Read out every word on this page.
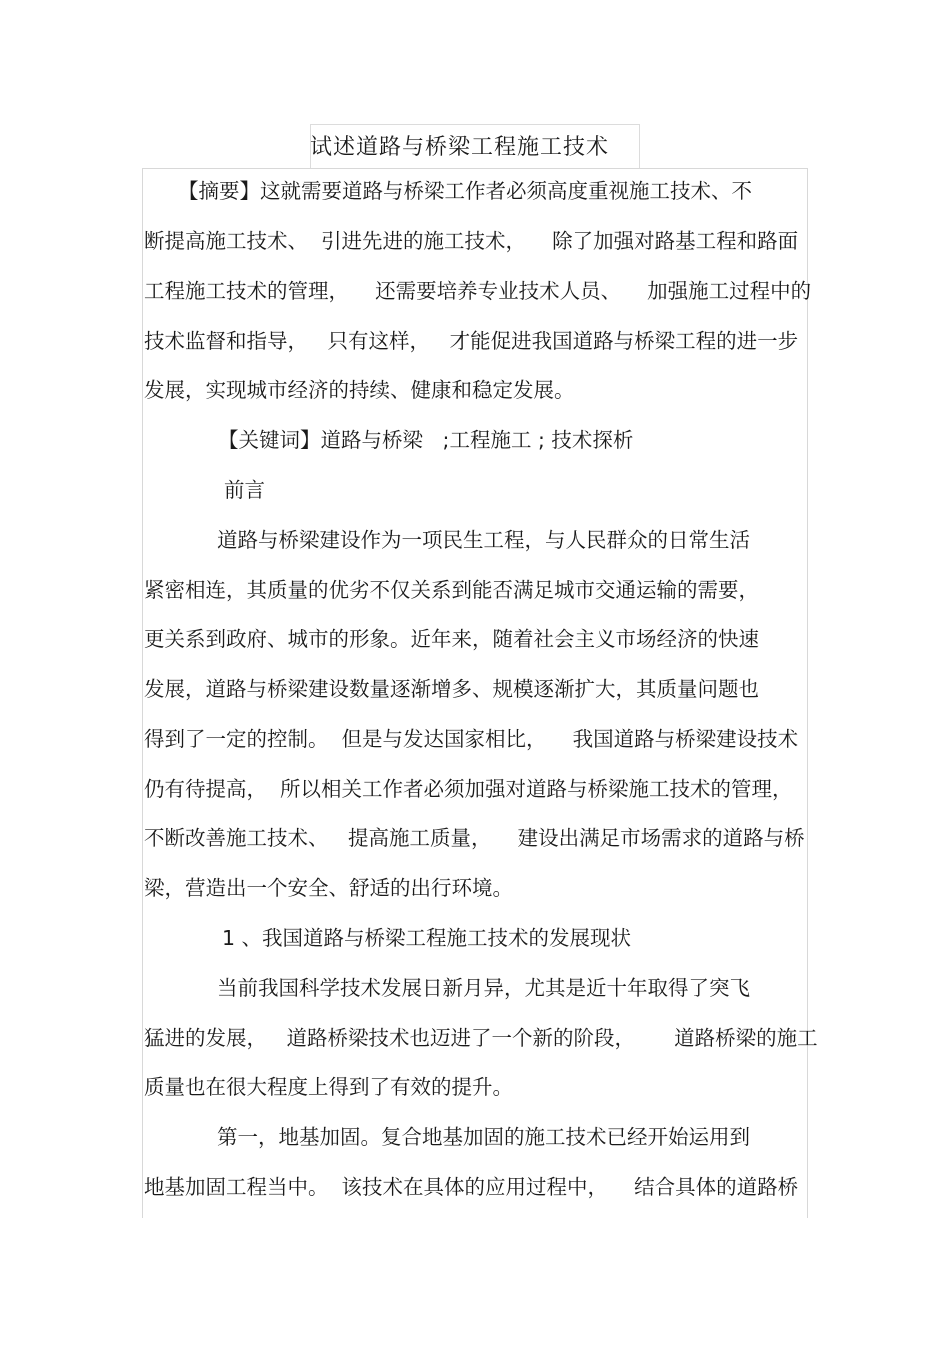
试述道路与桥梁工程施工技术
【摘要】这就需要道路与桥梁工作者必须高度重视施工技术、不
断提高施工技术、  引进先进的施工技术，    除了加强对路基工程和路面
工程施工技术的管理，    还需要培养专业技术人员、    加强施工过程中的
技术监督和指导，   只有这样，   才能促进我国道路与桥梁工程的进一步
发展，实现城市经济的持续、健康和稳定发展。
【关键词】道路与桥梁   ;工程施工 ; 技术探析
前言
道路与桥梁建设作为一项民生工程，与人民群众的日常生活
紧密相连，其质量的优劣不仅关系到能否满足城市交通运输的需要，
更关系到政府、城市的形象。近年来，随着社会主义市场经济的快速
发展，道路与桥梁建设数量逐渐增多、规模逐渐扩大，其质量问题也
得到了一定的控制。  但是与发达国家相比，    我国道路与桥梁建设技术
仍有待提高，  所以相关工作者必须加强对道路与桥梁施工技术的管理，
不断改善施工技术、   提高施工质量，    建设出满足市场需求的道路与桥
梁，营造出一个安全、舒适的出行环境。
1 、我国道路与桥梁工程施工技术的发展现状
当前我国科学技术发展日新月异，尤其是近十年取得了突飞
猛进的发展，   道路桥梁技术也迈进了一个新的阶段，      道路桥梁的施工
质量也在很大程度上得到了有效的提升。
第一，地基加固。复合地基加固的施工技术已经开始运用到
地基加固工程当中。  该技术在具体的应用过程中，    结合具体的道路桥
